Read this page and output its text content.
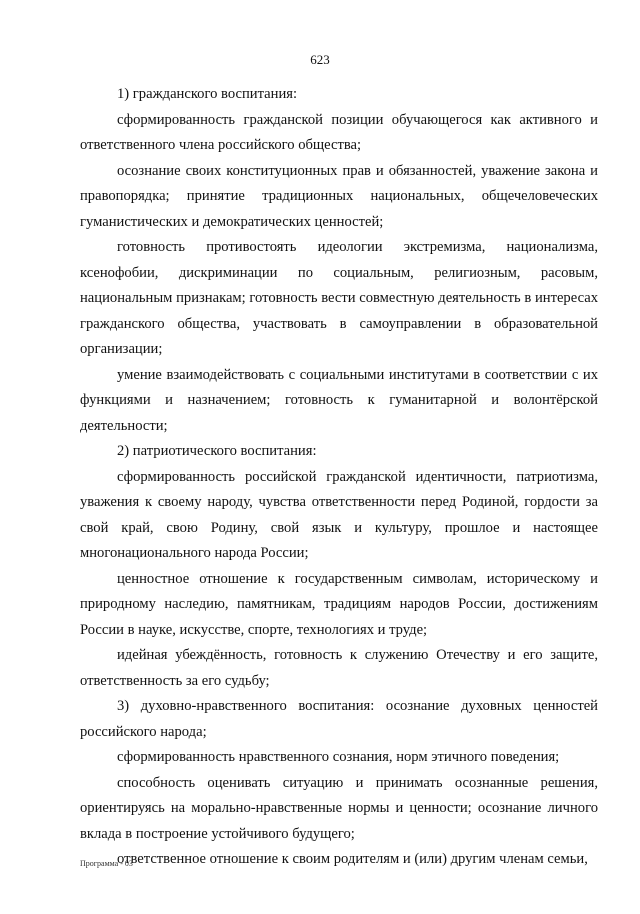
623

1) гражданского воспитания:

сформированность гражданской позиции обучающегося как активного и ответственного члена российского общества;

осознание своих конституционных прав и обязанностей, уважение закона и правопорядка; принятие традиционных национальных, общечеловеческих гуманистических и демократических ценностей;

готовность противостоять идеологии экстремизма, национализма, ксенофобии, дискриминации по социальным, религиозным, расовым, национальным признакам; готовность вести совместную деятельность в интересах гражданского общества, участвовать в самоуправлении в образовательной организации;

умение взаимодействовать с социальными институтами в соответствии с их функциями и назначением; готовность к гуманитарной и волонтёрской деятельности;

2) патриотического воспитания:

сформированность российской гражданской идентичности, патриотизма, уважения к своему народу, чувства ответственности перед Родиной, гордости за свой край, свою Родину, свой язык и культуру, прошлое и настоящее многонационального народа России;

ценностное отношение к государственным символам, историческому и природному наследию, памятникам, традициям народов России, достижениям России в науке, искусстве, спорте, технологиях и труде;

идейная убеждённость, готовность к служению Отечеству и его защите, ответственность за его судьбу;

3) духовно-нравственного воспитания: осознание духовных ценностей российского народа;

сформированность нравственного сознания, норм этичного поведения;

способность оценивать ситуацию и принимать осознанные решения, ориентируясь на морально-нравственные нормы и ценности; осознание личного вклада в построение устойчивого будущего;

ответственное отношение к своим родителям и (или) другим членам семьи,

Программа - 03
